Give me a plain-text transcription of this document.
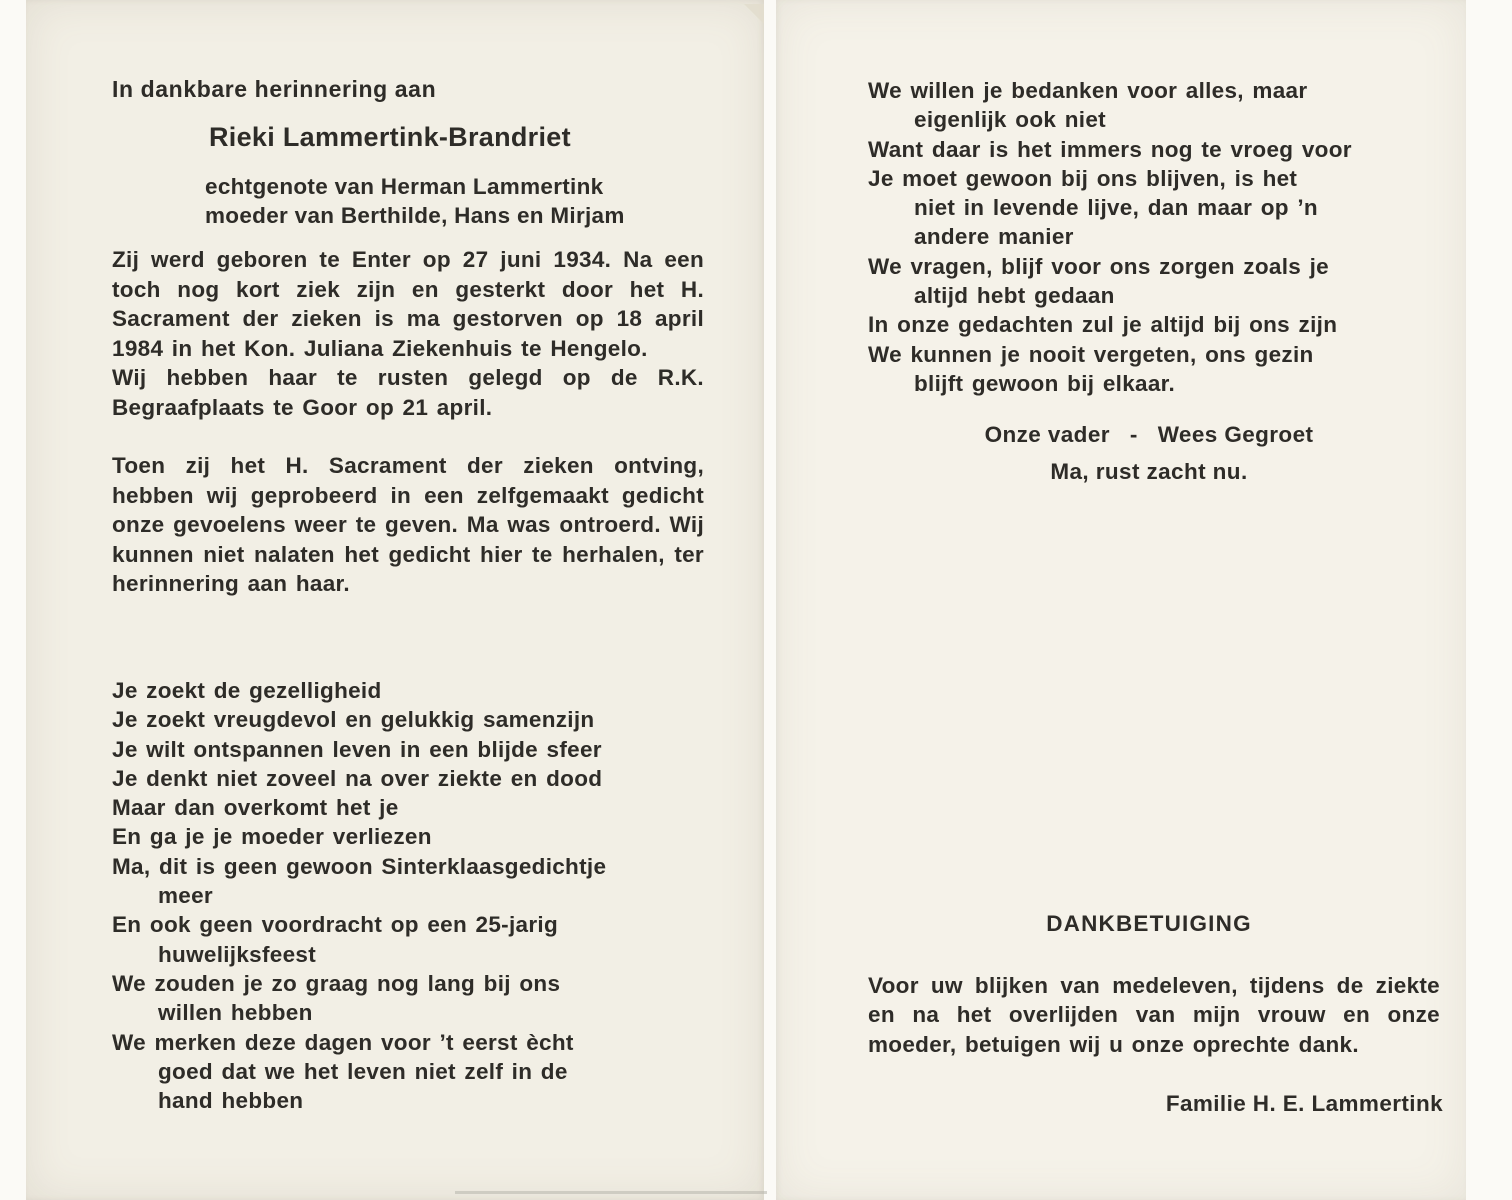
In dankbare herinnering aan
Rieki Lammertink-Brandriet
echtgenote van Herman Lammertink
moeder van Berthilde, Hans en Mirjam

Zij werd geboren te Enter op 27 juni 1934. Na een toch nog kort ziek zijn en gesterkt door het H. Sacrament der zieken is ma gestorven op 18 april 1984 in het Kon. Juliana Ziekenhuis te Hengelo.

Wij hebben haar te rusten gelegd op de R.K. Begraafplaats te Goor op 21 april.

Toen zij het H. Sacrament der zieken ontving, hebben wij geprobeerd in een zelfgemaakt gedicht onze gevoelens weer te geven. Ma was ontroerd. Wij kunnen niet nalaten het gedicht hier te herhalen, ter herinnering aan haar.

Je zoekt de gezelligheid
Je zoekt vreugdevol en gelukkig samenzijn
Je wilt ontspannen leven in een blijde sfeer
Je denkt niet zoveel na over ziekte en dood
Maar dan overkomt het je
En ga je je moeder verliezen
Ma, dit is geen gewoon Sinterklaasgedichtje
meer
En ook geen voordracht op een 25-jarig
huwelijksfeest
We zouden je zo graag nog lang bij ons
willen hebben
We merken deze dagen voor ’t eerst ècht
goed dat we het leven niet zelf in de
hand hebben
We willen je bedanken voor alles, maar
eigenlijk ook niet
Want daar is het immers nog te vroeg voor
Je moet gewoon bij ons blijven, is het
niet in levende lijve, dan maar op ’n
andere manier
We vragen, blijf voor ons zorgen zoals je
altijd hebt gedaan
In onze gedachten zul je altijd bij ons zijn
We kunnen je nooit vergeten, ons gezin
blijft gewoon bij elkaar.
Onze vader   -   Wees Gegroet
Ma, rust zacht nu.
DANKBETUIGING

Voor uw blijken van medeleven, tijdens de ziekte en na het overlijden van mijn vrouw en onze moeder, betuigen wij u onze oprechte dank.

Familie H. E. Lammertink
